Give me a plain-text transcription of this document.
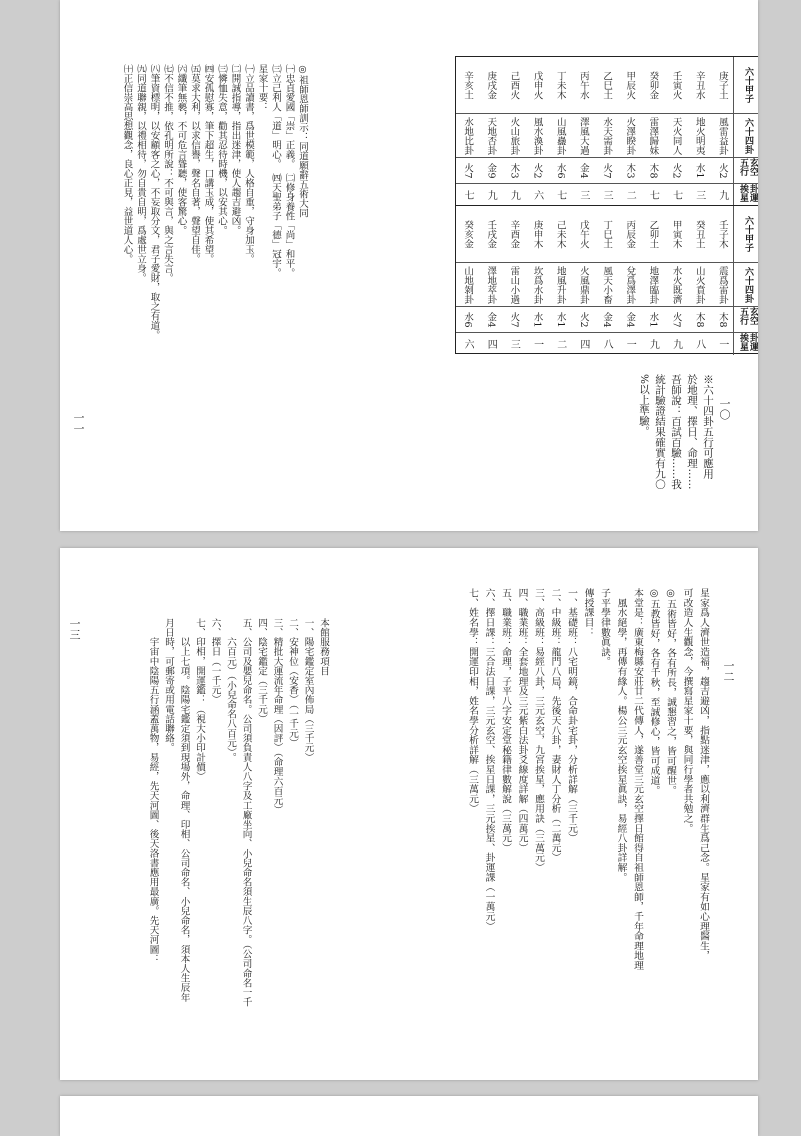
一〇
六十甲子
庚子土
辛丑水
壬寅火
癸卯金
甲辰火
乙巳土
丙午水
丁未木
戊申火
己酉火
庚戌金
辛亥土
六十四卦
風雷益卦
地火明夷
天火同人
雷澤歸妹
火澤睽卦
水天需卦
澤風大過
山風蠱卦
風水渙卦
火山旅卦
天地否卦
水地比卦
玄空五行
火2
水1
火2
木8
木3
火7
金4
水6
火2
木3
金9
火7
卦運挨星
九
三
七
七
二
三
三
七
六
九
九
七
六十甲子
壬子木
癸丑土
甲寅木
乙卯土
丙辰金
丁巳土
戊午火
己未木
庚申木
辛酉金
壬戌金
癸亥金
六十四卦
震爲雷卦
山火賁卦
水火既濟
地澤臨卦
兌爲澤卦
風天小畜
火風鼎卦
地風升卦
坎爲水卦
雷山小過
澤地萃卦
山地剝卦
玄空五行
木8
木8
火7
水1
金4
金4
火2
水1
水1
火7
金4
水6
卦運挨星
一
八
九
九
一
八
四
二
一
三
四
六
※六十四卦五行可應用
於地理、擇日、命理……
吾師說：百試百驗……我
統計驗證結果確實有九〇
%以上準驗。
◎祖師恩師訓示：同道願辭五術大同
㈠忠貞愛國「崇」正義。　㈡修身養性「尚」和平。
㈢立己利人「道」明心。　㈣天聖弟子「德」冠宇。
星家十要：
㈠立品讀書，爲世模範，人格自重，守身加玉。
㈡開誠指導，指出迷津，使人趨吉避凶。
㈢憐恤失意，勸其忍待時機，以安其心。
㈣安孤慰寡，筆下超生，口講玉成，使其希望。
㈤莫求大利，以求信譽，聲名自著，聲望自佳。
㈥纖筆無褻，不可危言聳聽，使客驚心。
㈦不信不推，依孔明所說：不可與言，與之言失言。
㈧筆資標明，以安顧客之心，不妄取分文，君子愛財，取之有道。
㈨同道聯親，以禮相待，勿自貴自明，爲處世立身。
㈩正信崇高思想觀念，良心正見，益世道人心。
一一
一二
星家爲人濟世造福，趨吉避凶，指點迷津，應以利濟群生爲己念。星家有如心理醫生，
可改造人生觀念，今撰寫星家十要，與同行學者共勉之。
◎五術皆好，各有所長，誠懇習之，皆可醒世。
◎五教皆好，各有千秋，至誠修心，皆可成道。
本堂是：廣東梅縣安莊廿二代傳人，遂善堂三元玄空擇日館得自祖師恩師，千年命理地理
　風水絕學，再傳有緣人。楊公三元玄空挨星眞訣，易經八卦詳解。
子平學律數眞訣。
傳授課目：
一、基礎班：八宅明鏡，合命卦宅卦，分析詳解（三千元）
二、中級班：龍門八局，先後天八卦，妻財人丁分析（二萬元）
三、高級班：易經八卦，三元玄空，九宮挨星，應用訣（三萬元）
四、職業班：全套地理及三元紫白法卦爻線度詳解（四萬元）
五、職業班：命理，子平八字安定堂秘籍律數解說（三萬元）
六、擇日課：三合法日課，三元玄空、挨星日課，三元挨星、卦運課（一萬元）
七、姓名學：開運印相，姓名學分析詳解（三萬元）
本館服務項目
一、陽宅鑑定室內佈局（三千元）
二、安神位（安香）（一千元）
三、精批大運流年命理（因評）（命理六百元）
四、陰宅鑑定（三千元）
五、公司及嬰兒命名。公司須負責人八字及工廠坐向、小兒命名須生辰八字。（公司命名一千
　　六百元）（小兒命名八百元）。
六、擇日（一千元）
七、印相，開運鑑：（視大小印計價）
　　以上七項。陰陽宅鑑定須到現場外，命理、印相、公司命名、小兒命名，須本人生辰年
月日時，可郵寄或用電話聯絡。
　　宇宙中陰陽五行涵蓋萬物，易經，先天河圖、後天洛書應用最廣。先天河圖：
一三
